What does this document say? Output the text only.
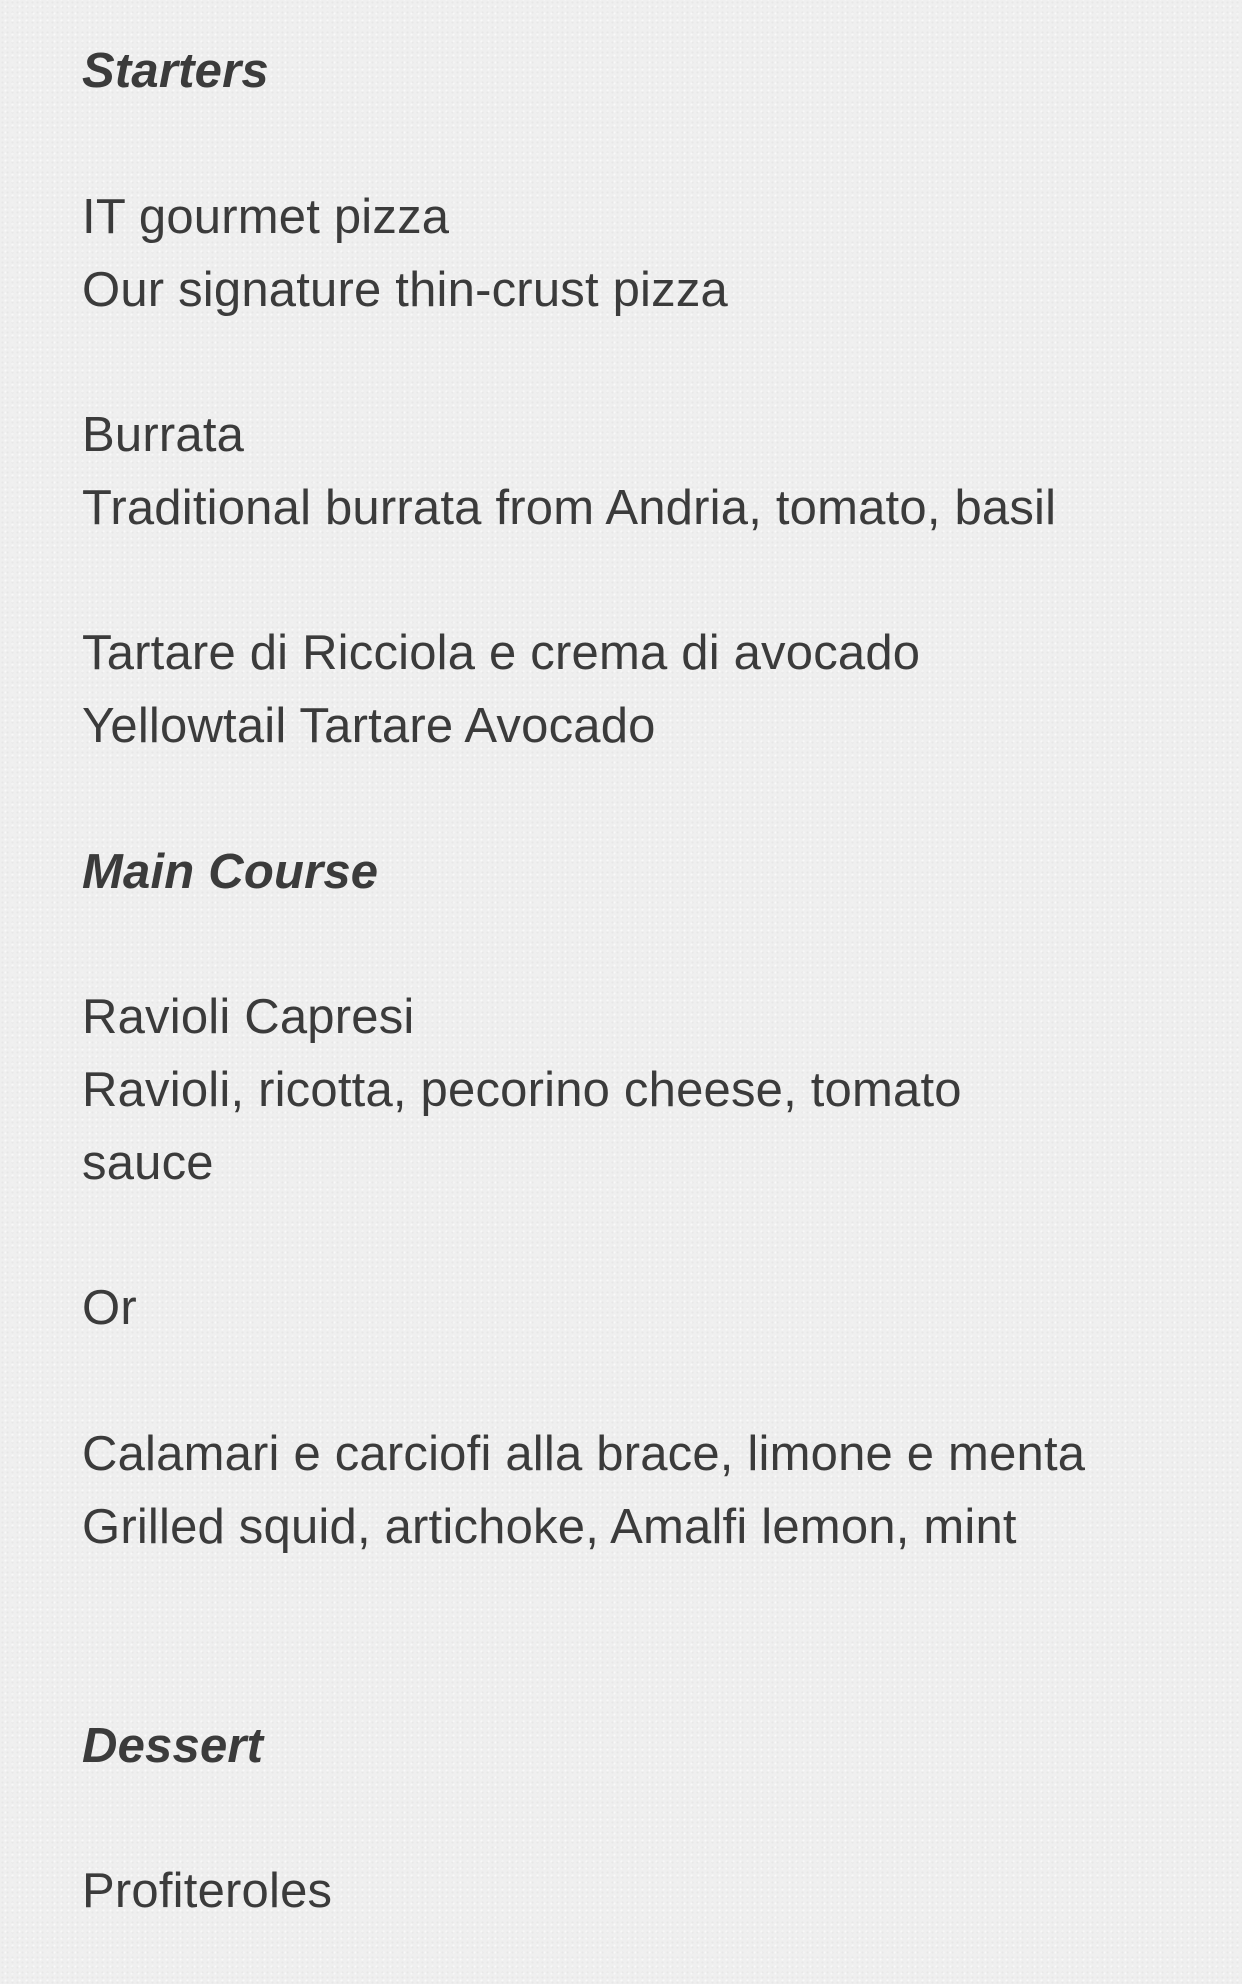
Starters
IT gourmet pizza
Our signature thin-crust pizza
Burrata
Traditional burrata from Andria, tomato, basil
Tartare di Ricciola e crema di avocado
Yellowtail Tartare Avocado
Main Course
Ravioli Capresi
Ravioli, ricotta, pecorino cheese, tomato
sauce
Or
Calamari e carciofi alla brace, limone e menta
Grilled squid, artichoke, Amalfi lemon, mint
Dessert
Profiteroles
